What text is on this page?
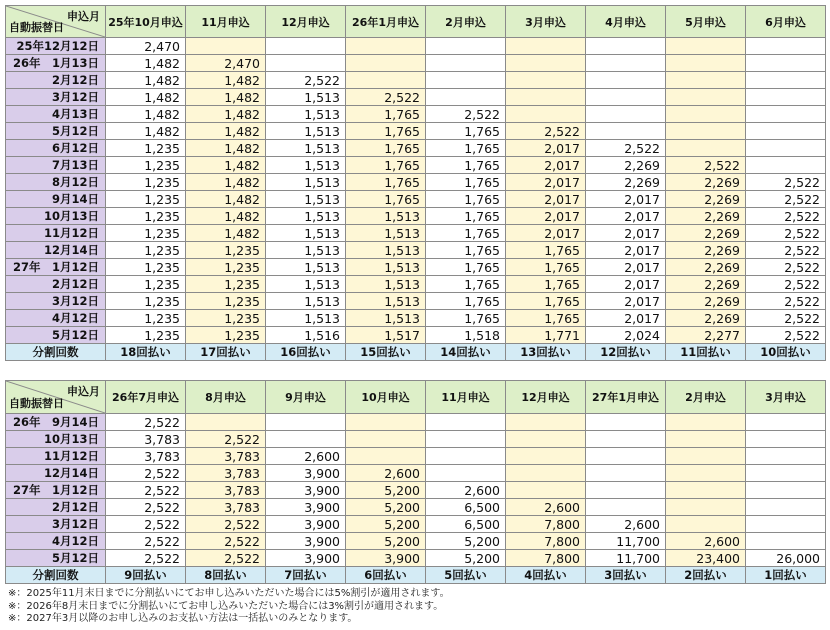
申込月
自動振替日	25年10月申込	11月申込	12月申込	26年1月申込	2月申込	3月申込	4月申込	5月申込	6月申込
25年12月12日	2,470								
26年　1月13日	1,482	2,470							
2月12日	1,482	1,482	2,522						
3月12日	1,482	1,482	1,513	2,522					
4月13日	1,482	1,482	1,513	1,765	2,522				
5月12日	1,482	1,482	1,513	1,765	1,765	2,522			
6月12日	1,235	1,482	1,513	1,765	1,765	2,017	2,522		
7月13日	1,235	1,482	1,513	1,765	1,765	2,017	2,269	2,522	
8月12日	1,235	1,482	1,513	1,765	1,765	2,017	2,269	2,269	2,522
9月14日	1,235	1,482	1,513	1,765	1,765	2,017	2,017	2,269	2,522
10月13日	1,235	1,482	1,513	1,513	1,765	2,017	2,017	2,269	2,522
11月12日	1,235	1,482	1,513	1,513	1,765	2,017	2,017	2,269	2,522
12月14日	1,235	1,235	1,513	1,513	1,765	1,765	2,017	2,269	2,522
27年　1月12日	1,235	1,235	1,513	1,513	1,765	1,765	2,017	2,269	2,522
2月12日	1,235	1,235	1,513	1,513	1,765	1,765	2,017	2,269	2,522
3月12日	1,235	1,235	1,513	1,513	1,765	1,765	2,017	2,269	2,522
4月12日	1,235	1,235	1,513	1,513	1,765	1,765	2,017	2,269	2,522
5月12日	1,235	1,235	1,516	1,517	1,518	1,771	2,024	2,277	2,522
分割回数	18回払い	17回払い	16回払い	15回払い	14回払い	13回払い	12回払い	11回払い	10回払い
申込月
自動振替日	26年7月申込	8月申込	9月申込	10月申込	11月申込	12月申込	27年1月申込	2月申込	3月申込
26年　9月14日	2,522								
10月13日	3,783	2,522							
11月12日	3,783	3,783	2,600						
12月14日	2,522	3,783	3,900	2,600					
27年　1月12日	2,522	3,783	3,900	5,200	2,600				
2月12日	2,522	3,783	3,900	5,200	6,500	2,600			
3月12日	2,522	2,522	3,900	5,200	6,500	7,800	2,600		
4月12日	2,522	2,522	3,900	5,200	5,200	7,800	11,700	2,600	
5月12日	2,522	2,522	3,900	3,900	5,200	7,800	11,700	23,400	26,000
分割回数	9回払い	8回払い	7回払い	6回払い	5回払い	4回払い	3回払い	2回払い	1回払い
※：2025年11月末日までに分割払いにてお申し込みいただいた場合には5%割引が適用されます。
※：2026年8月末日までに分割払いにてお申し込みいただいた場合には3%割引が適用されます。
※：2027年3月以降のお申し込みのお支払い方法は一括払いのみとなります。
